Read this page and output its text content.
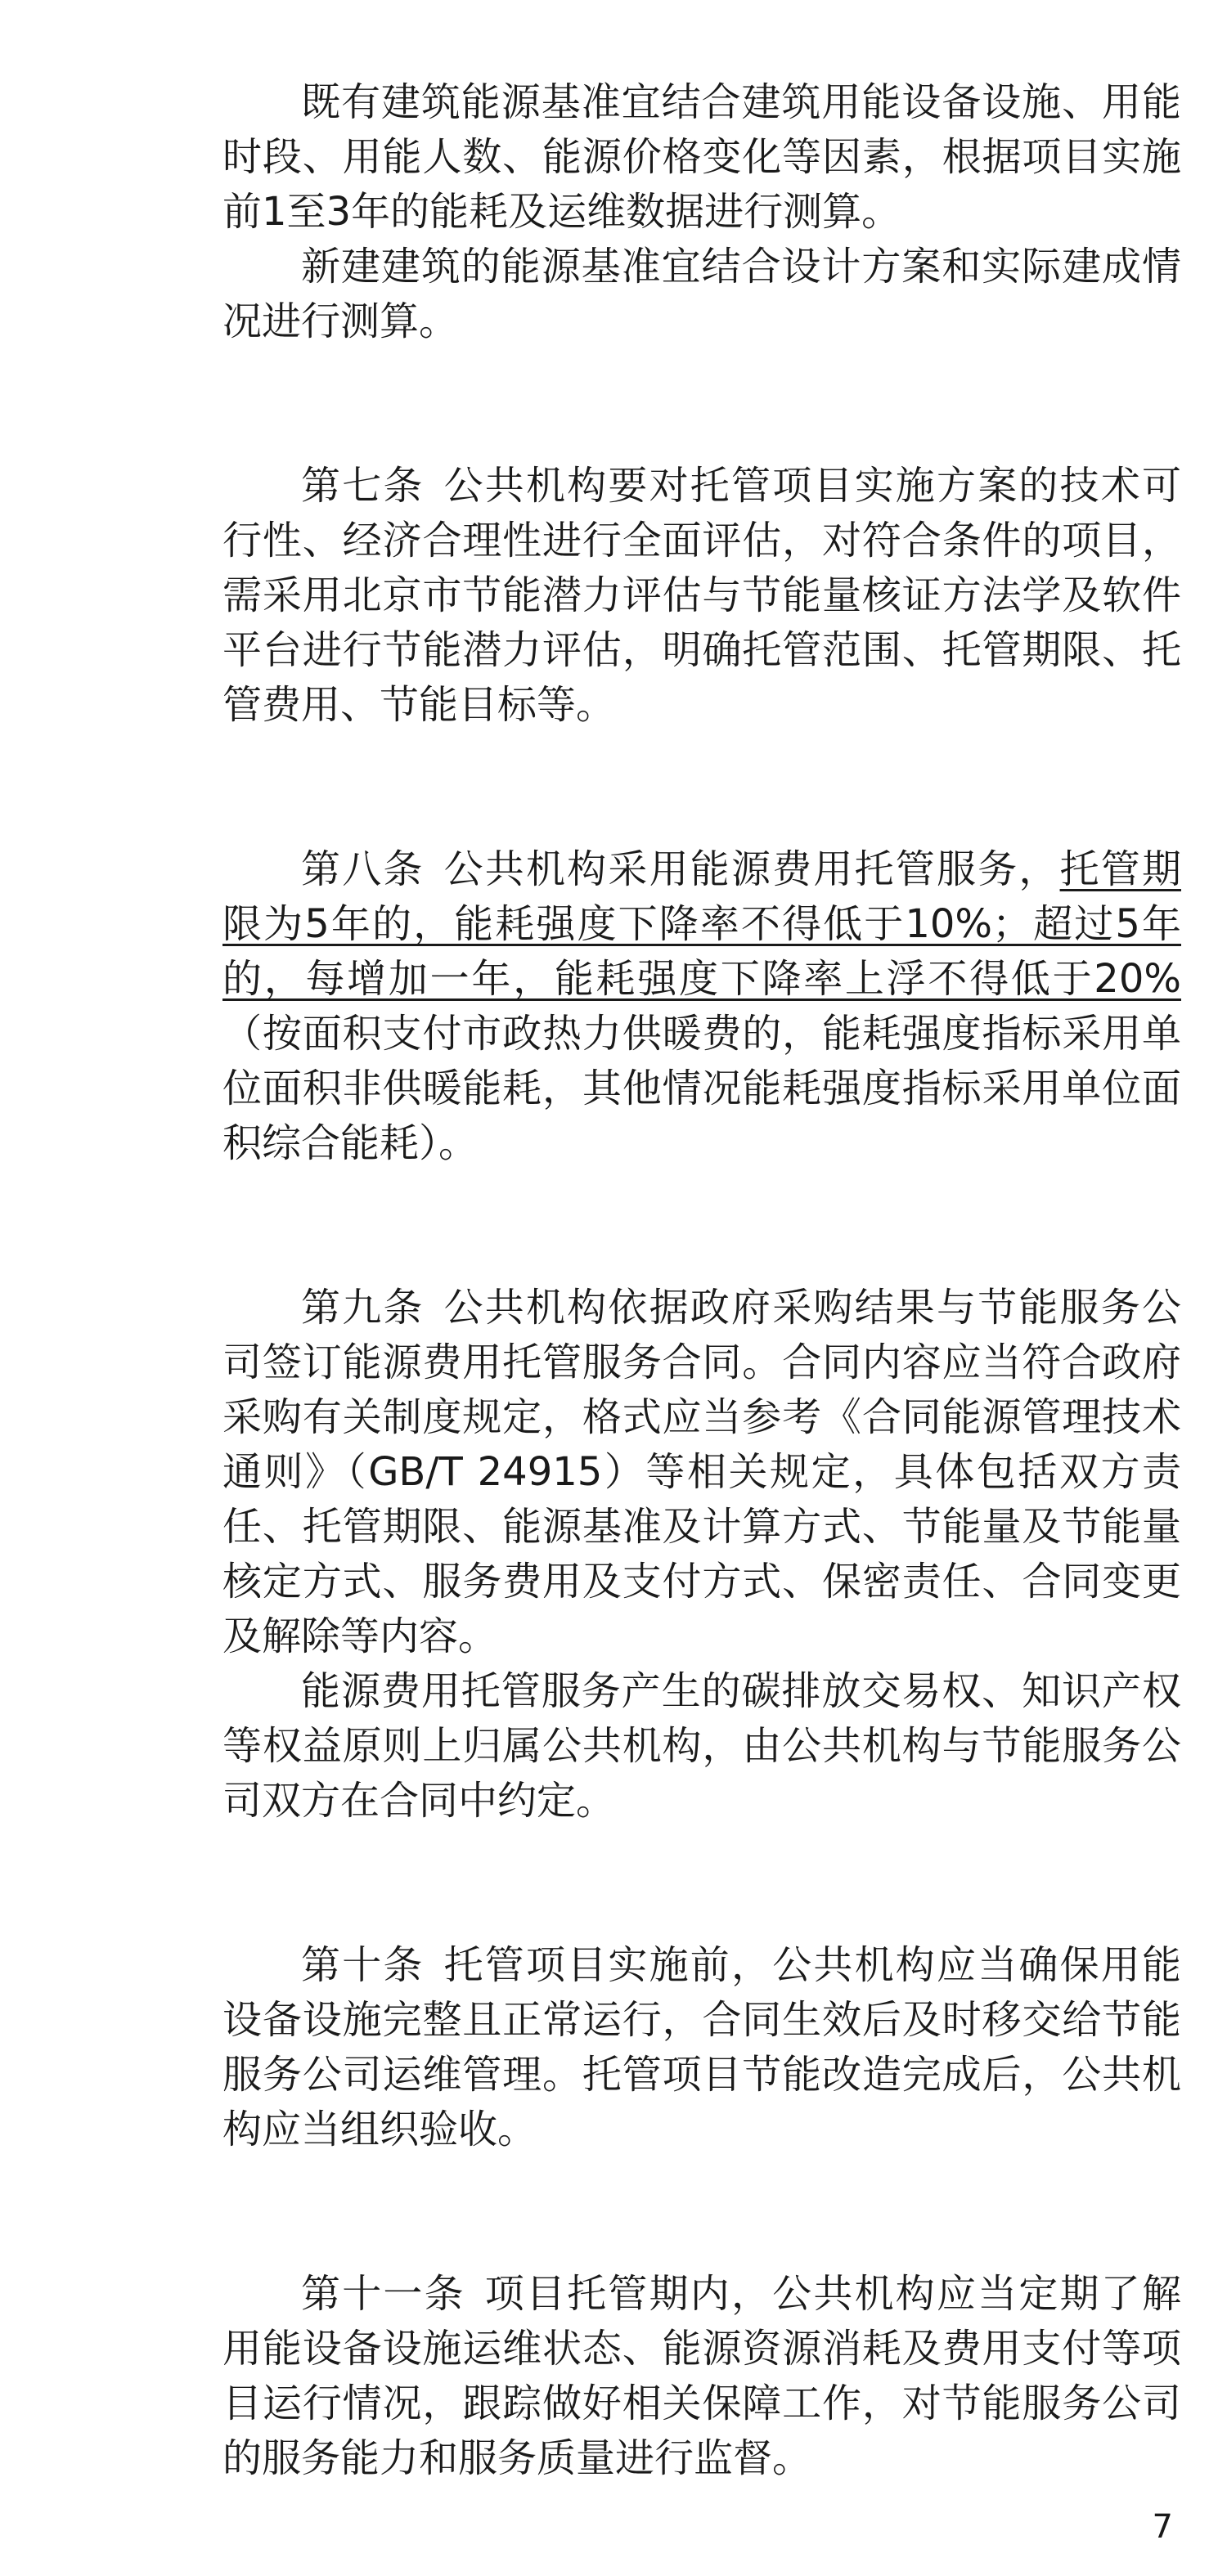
既有建筑能源基准宜结合建筑用能设备设施、用能时段、用能人数、能源价格变化等因素，根据项目实施前1至3年的能耗及运维数据进行测算。

新建建筑的能源基准宜结合设计方案和实际建成情况进行测算。

第七条 公共机构要对托管项目实施方案的技术可行性、经济合理性进行全面评估，对符合条件的项目，需采用北京市节能潜力评估与节能量核证方法学及软件平台进行节能潜力评估，明确托管范围、托管期限、托管费用、节能目标等。

第八条 公共机构采用能源费用托管服务，托管期限为5年的，能耗强度下降率不得低于10%；超过5年的，每增加一年，能耗强度下降率上浮不得低于20%（按面积支付市政热力供暖费的，能耗强度指标采用单位面积非供暖能耗，其他情况能耗强度指标采用单位面积综合能耗）。

第九条 公共机构依据政府采购结果与节能服务公司签订能源费用托管服务合同。合同内容应当符合政府采购有关制度规定，格式应当参考《合同能源管理技术通则》（GB/T 24915）等相关规定，具体包括双方责任、托管期限、能源基准及计算方式、节能量及节能量核定方式、服务费用及支付方式、保密责任、合同变更及解除等内容。

能源费用托管服务产生的碳排放交易权、知识产权等权益原则上归属公共机构，由公共机构与节能服务公司双方在合同中约定。

第十条 托管项目实施前，公共机构应当确保用能设备设施完整且正常运行，合同生效后及时移交给节能服务公司运维管理。托管项目节能改造完成后，公共机构应当组织验收。

第十一条 项目托管期内，公共机构应当定期了解用能设备设施运维状态、能源资源消耗及费用支付等项目运行情况，跟踪做好相关保障工作，对节能服务公司的服务能力和服务质量进行监督。

7
